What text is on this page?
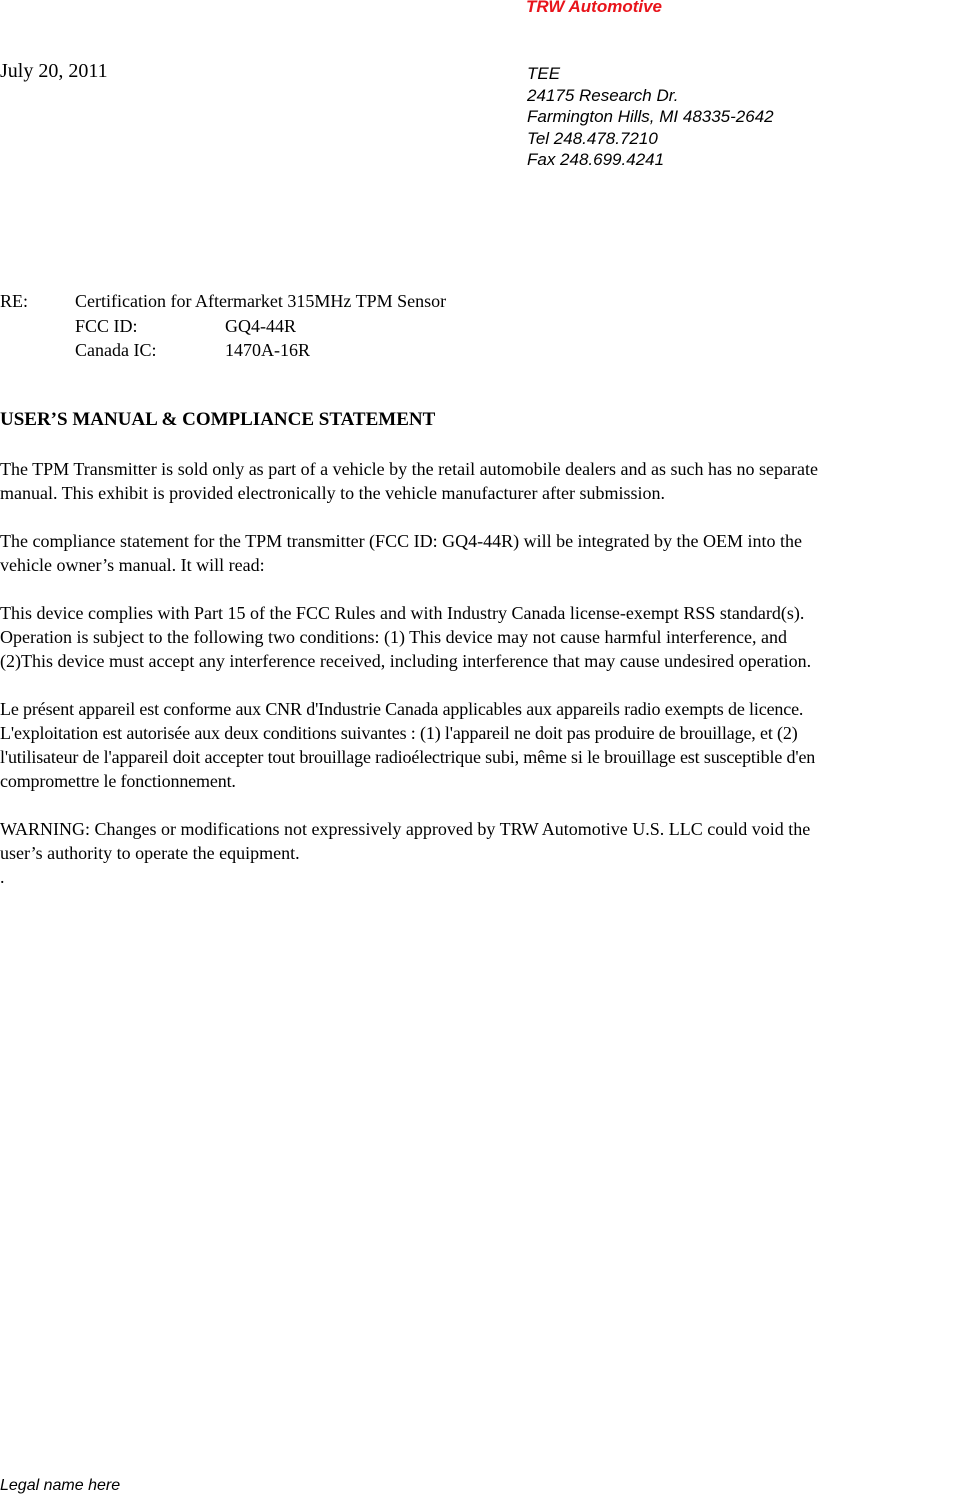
TRW Automotive
July 20, 2011	TEE
24175 Research Dr.
Farmington Hills, MI 48335-2642
Tel 248.478.7210
Fax 248.699.4241
RE:	Certification for Aftermarket 315MHz TPM Sensor
FCC ID:	GQ4-44R
Canada IC:	1470A-16R
USER’S MANUAL & COMPLIANCE STATEMENT
The TPM Transmitter is sold only as part of a vehicle by the retail automobile dealers and as such has no separate
manual. This exhibit is provided electronically to the vehicle manufacturer after submission.
The compliance statement for the TPM transmitter (FCC ID: GQ4-44R) will be integrated by the OEM into the
vehicle owner’s manual. It will read:
This device complies with Part 15 of the FCC Rules and with Industry Canada license-exempt RSS standard(s).
Operation is subject to the following two conditions: (1) This device may not cause harmful interference, and
(2)This device must accept any interference received, including interference that may cause undesired operation.
Le présent appareil est conforme aux CNR d'Industrie Canada applicables aux appareils radio exempts de licence.
L'exploitation est autorisée aux deux conditions suivantes : (1) l'appareil ne doit pas produire de brouillage, et (2)
l'utilisateur de l'appareil doit accepter tout brouillage radioélectrique subi, même si le brouillage est susceptible d'en
compromettre le fonctionnement.
WARNING: Changes or modifications not expressively approved by TRW Automotive U.S. LLC could void the
user’s authority to operate the equipment.
.
Legal name here
